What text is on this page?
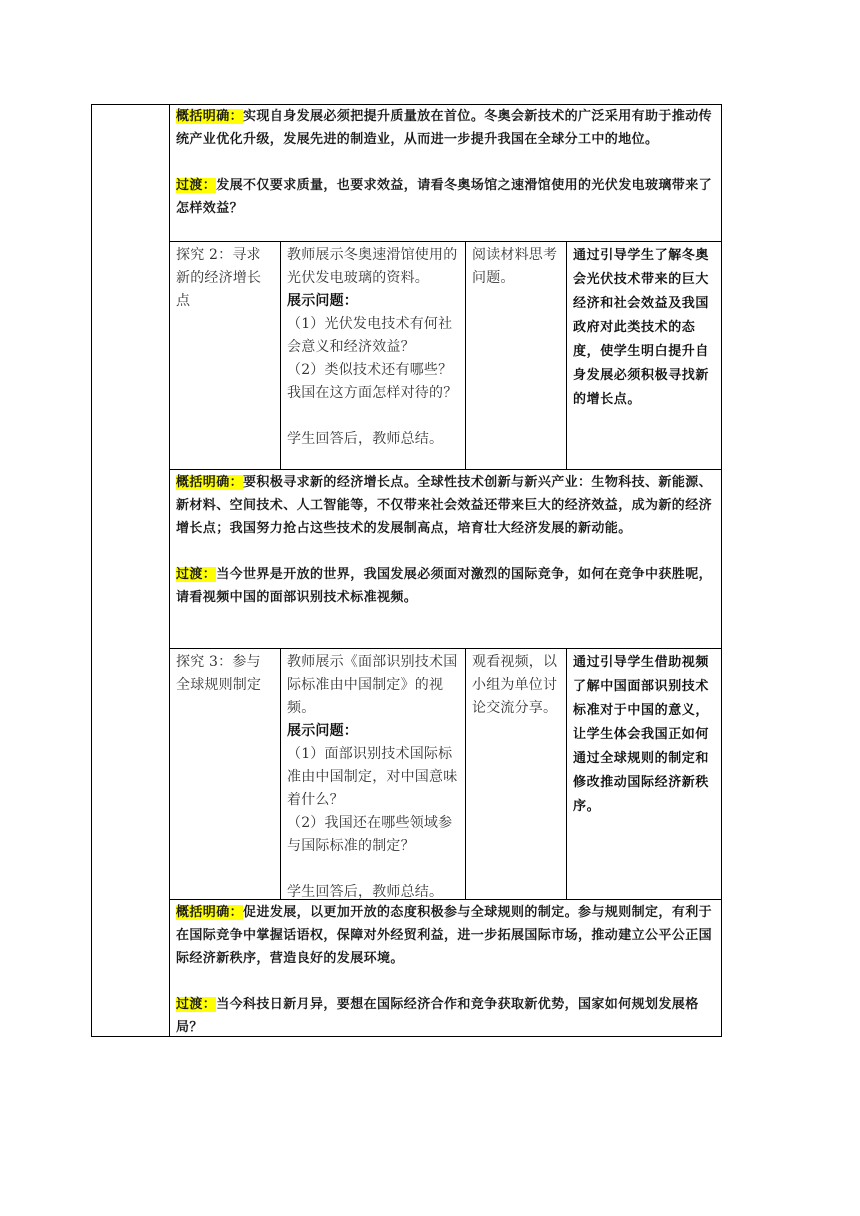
概括明确：实现自身发展必须把提升质量放在首位。冬奥会新技术的广泛采用有助于推动传统产业优化升级，发展先进的制造业，从而进一步提升我国在全球分工中的地位。
过渡：发展不仅要求质量，也要求效益，请看冬奥场馆之速滑馆使用的光伏发电玻璃带来了怎样效益？
探究 2：寻求新的经济增长点
教师展示冬奥速滑馆使用的光伏发电玻璃的资料。
展示问题：
（1）光伏发电技术有何社会意义和经济效益？
（2）类似技术还有哪些？我国在这方面怎样对待的？
学生回答后，教师总结。
阅读材料思考问题。
通过引导学生了解冬奥会光伏技术带来的巨大经济和社会效益及我国政府对此类技术的态度，使学生明白提升自身发展必须积极寻找新的增长点。
概括明确：要积极寻求新的经济增长点。全球性技术创新与新兴产业：生物科技、新能源、新材料、空间技术、人工智能等，不仅带来社会效益还带来巨大的经济效益，成为新的经济增长点；我国努力抢占这些技术的发展制高点，培育壮大经济发展的新动能。
过渡：当今世界是开放的世界，我国发展必须面对激烈的国际竞争，如何在竞争中获胜呢，请看视频中国的面部识别技术标准视频。
探究 3：参与全球规则制定
教师展示《面部识别技术国际标准由中国制定》的视频。
展示问题：
（1）面部识别技术国际标准由中国制定，对中国意味着什么？
（2）我国还在哪些领域参与国际标准的制定？
学生回答后，教师总结。
观看视频，以小组为单位讨论交流分享。
通过引导学生借助视频了解中国面部识别技术标准对于中国的意义，让学生体会我国正如何通过全球规则的制定和修改推动国际经济新秩序。
概括明确：促进发展，以更加开放的态度积极参与全球规则的制定。参与规则制定，有利于在国际竞争中掌握话语权，保障对外经贸利益，进一步拓展国际市场，推动建立公平公正国际经济新秩序，营造良好的发展环境。
过渡：当今科技日新月异，要想在国际经济合作和竞争获取新优势，国家如何规划发展格局？
